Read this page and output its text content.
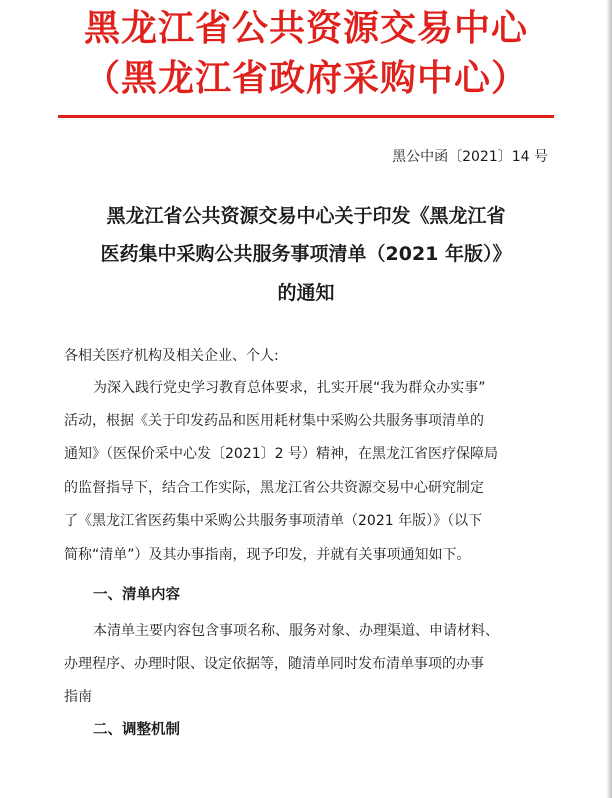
黑龙江省公共资源交易中心
（黑龙江省政府采购中心）
黑公中函〔2021〕14 号
黑龙江省公共资源交易中心关于印发《黑龙江省
医药集中采购公共服务事项清单（2021 年版）》
的通知
各相关医疗机构及相关企业、个人:
为深入践行党史学习教育总体要求，扎实开展“我为群众办实事”
活动，根据《关于印发药品和医用耗材集中采购公共服务事项清单的
通知》（医保价采中心发〔2021〕2 号）精神，在黑龙江省医疗保障局
的监督指导下，结合工作实际，黑龙江省公共资源交易中心研究制定
了《黑龙江省医药集中采购公共服务事项清单（2021 年版）》（以下
简称“清单”）及其办事指南，现予印发，并就有关事项通知如下。
一、清单内容
本清单主要内容包含事项名称、服务对象、办理渠道、申请材料、
办理程序、办理时限、设定依据等，随清单同时发布清单事项的办事
指南
二、调整机制
